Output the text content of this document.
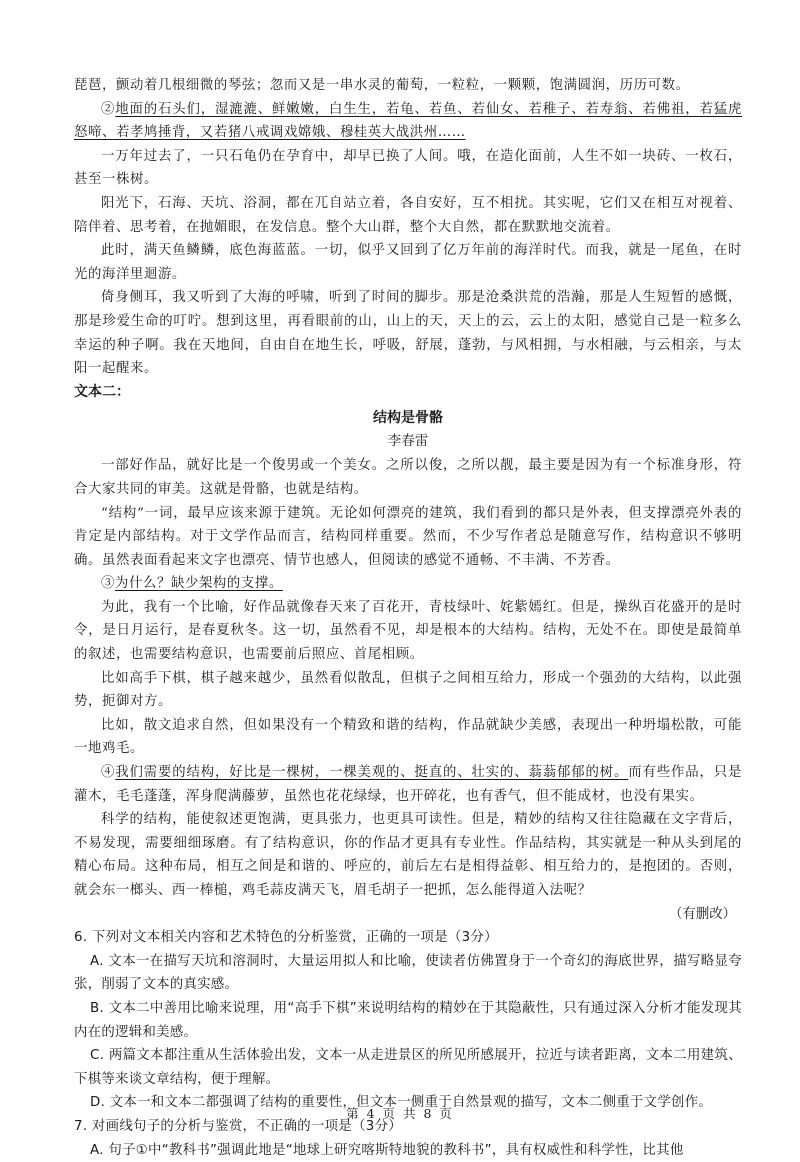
琵琶，颤动着几根细微的琴弦；忽而又是一串水灵的葡萄，一粒粒，一颗颗，饱满圆润，历历可数。

②地面的石头们，湿漉漉、鲜嫩嫩，白生生，若龟、若鱼、若仙女、若稚子、若寿翁、若佛祖，若猛虎怒啼、若孝鸠捶背，又若猪八戒调戏嫦娥、穆桂英大战洪州……

一万年过去了，一只石龟仍在孕育中，却早已换了人间。哦，在造化面前，人生不如一块砖、一枚石，甚至一株树。

阳光下，石海、天坑、浴洞，都在兀自站立着，各自安好，互不相扰。其实呢，它们又在相互对视着、陪伴着、思考着，在抛媚眼，在发信息。整个大山群，整个大自然，都在默默地交流着。

此时，满天鱼鳞鳞，底色海蓝蓝。一切，似乎又回到了亿万年前的海洋时代。而我，就是一尾鱼，在时光的海洋里迴游。

倚身侧耳，我又听到了大海的呼啸，听到了时间的脚步。那是沧桑洪荒的浩瀚，那是人生短暂的感慨，那是珍爱生命的叮咛。想到这里，再看眼前的山，山上的天，天上的云，云上的太阳，感觉自己是一粒多么幸运的种子啊。我在天地间，自由自在地生长，呼吸，舒展，蓬勃，与风相拥，与水相融，与云相亲，与太阳一起醒来。

文本二：

结构是骨骼

李春雷

一部好作品，就好比是一个俊男或一个美女。之所以俊，之所以靓，最主要是因为有一个标准身形，符合大家共同的审美。这就是骨骼，也就是结构。

“结构”一词，最早应该来源于建筑。无论如何漂亮的建筑，我们看到的都只是外表，但支撑漂亮外表的肯定是内部结构。对于文学作品而言，结构同样重要。然而，不少写作者总是随意写作，结构意识不够明确。虽然表面看起来文字也漂亮、情节也感人，但阅读的感觉不通畅、不丰满、不芳香。

③为什么？缺少架构的支撑。

为此，我有一个比喻，好作品就像春天来了百花开，青枝绿叶、姹紫嫣红。但是，操纵百花盛开的是时令，是日月运行，是春夏秋冬。这一切，虽然看不见，却是根本的大结构。结构，无处不在。即使是最简单的叙述，也需要结构意识，也需要前后照应、首尾相顾。

比如高手下棋，棋子越来越少，虽然看似散乱，但棋子之间相互给力，形成一个强劲的大结构，以此强势，扼御对方。

比如，散文追求自然，但如果没有一个精致和谐的结构，作品就缺少美感，表现出一种坍塌松散，可能一地鸡毛。

④我们需要的结构，好比是一棵树，一棵美观的、挺直的、壮实的、蓊蓊郁郁的树。而有些作品，只是灌木，毛毛蓬蓬，浑身爬满藤萝，虽然也花花绿绿，也开碎花，也有香气，但不能成材，也没有果实。

科学的结构，能使叙述更饱满，更具张力，也更具可读性。但是，精妙的结构又往往隐藏在文字背后，不易发现，需要细细琢磨。有了结构意识，你的作品才更具有专业性。作品结构，其实就是一种从头到尾的精心布局。这种布局，相互之间是和谐的、呼应的，前后左右是相得益彰、相互给力的，是抱团的。否则，就会东一榔头、西一棒槌，鸡毛蒜皮满天飞，眉毛胡子一把抓，怎么能得道入法呢？

（有删改）

6. 下列对文本相关内容和艺术特色的分析鉴赏，正确的一项是（3分）

A. 文本一在描写天坑和溶洞时，大量运用拟人和比喻，使读者仿佛置身于一个奇幻的海底世界，描写略显夸张，削弱了文本的真实感。

B. 文本二中善用比喻来说理，用“高手下棋”来说明结构的精妙在于其隐蔽性，只有通过深入分析才能发现其内在的逻辑和美感。

C. 两篇文本都注重从生活体验出发，文本一从走进景区的所见所感展开，拉近与读者距离，文本二用建筑、下棋等来谈文章结构，便于理解。

D. 文本一和文本二都强调了结构的重要性，但文本一侧重于自然景观的描写，文本二侧重于文学创作。

7. 对画线句子的分析与鉴赏，不正确的一项是（3分）

A. 句子①中“教科书”强调此地是“地球上研究喀斯特地貌的教科书”，具有权威性和科学性，比其他

第 4 页 共 8 页
